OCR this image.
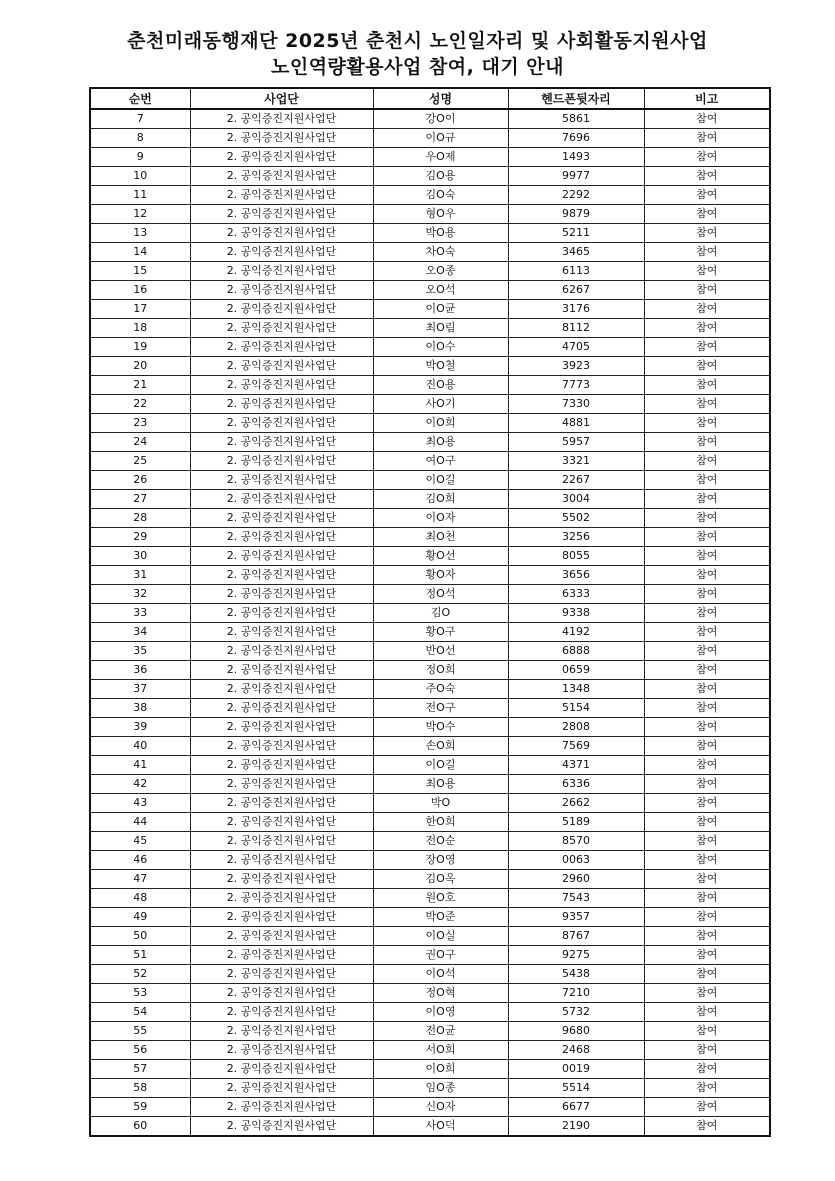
춘천미래동행재단 2025년 춘천시 노인일자리 및 사회활동지원사업
노인역량활용사업 참여, 대기 안내
순번	사업단	성명	헨드폰뒷자리	비고
7	2. 공익증진지원사업단	강O이	5861	참여
8	2. 공익증진지원사업단	이O규	7696	참여
9	2. 공익증진지원사업단	우O제	1493	참여
10	2. 공익증진지원사업단	김O용	9977	참여
11	2. 공익증진지원사업단	김O숙	2292	참여
12	2. 공익증진지원사업단	형O우	9879	참여
13	2. 공익증진지원사업단	박O용	5211	참여
14	2. 공익증진지원사업단	차O숙	3465	참여
15	2. 공익증진지원사업단	오O종	6113	참여
16	2. 공익증진지원사업단	오O석	6267	참여
17	2. 공익증진지원사업단	이O균	3176	참여
18	2. 공익증진지원사업단	최O림	8112	참여
19	2. 공익증진지원사업단	이O수	4705	참여
20	2. 공익증진지원사업단	박O철	3923	참여
21	2. 공익증진지원사업단	진O용	7773	참여
22	2. 공익증진지원사업단	사O기	7330	참여
23	2. 공익증진지원사업단	이O희	4881	참여
24	2. 공익증진지원사업단	최O용	5957	참여
25	2. 공익증진지원사업단	여O구	3321	참여
26	2. 공익증진지원사업단	이O길	2267	참여
27	2. 공익증진지원사업단	김O희	3004	참여
28	2. 공익증진지원사업단	이O자	5502	참여
29	2. 공익증진지원사업단	최O천	3256	참여
30	2. 공익증진지원사업단	황O선	8055	참여
31	2. 공익증진지원사업단	황O자	3656	참여
32	2. 공익증진지원사업단	정O석	6333	참여
33	2. 공익증진지원사업단	김O	9338	참여
34	2. 공익증진지원사업단	황O구	4192	참여
35	2. 공익증진지원사업단	반O선	6888	참여
36	2. 공익증진지원사업단	정O희	0659	참여
37	2. 공익증진지원사업단	주O숙	1348	참여
38	2. 공익증진지원사업단	전O구	5154	참여
39	2. 공익증진지원사업단	박O수	2808	참여
40	2. 공익증진지원사업단	손O희	7569	참여
41	2. 공익증진지원사업단	이O길	4371	참여
42	2. 공익증진지원사업단	최O용	6336	참여
43	2. 공익증진지원사업단	박O	2662	참여
44	2. 공익증진지원사업단	한O희	5189	참여
45	2. 공익증진지원사업단	전O순	8570	참여
46	2. 공익증진지원사업단	장O영	0063	참여
47	2. 공익증진지원사업단	김O옥	2960	참여
48	2. 공익증진지원사업단	원O호	7543	참여
49	2. 공익증진지원사업단	박O준	9357	참여
50	2. 공익증진지원사업단	이O실	8767	참여
51	2. 공익증진지원사업단	권O구	9275	참여
52	2. 공익증진지원사업단	이O석	5438	참여
53	2. 공익증진지원사업단	정O혁	7210	참여
54	2. 공익증진지원사업단	이O영	5732	참여
55	2. 공익증진지원사업단	전O균	9680	참여
56	2. 공익증진지원사업단	서O희	2468	참여
57	2. 공익증진지원사업단	이O희	0019	참여
58	2. 공익증진지원사업단	임O종	5514	참여
59	2. 공익증진지원사업단	신O자	6677	참여
60	2. 공익증진지원사업단	사O덕	2190	참여
